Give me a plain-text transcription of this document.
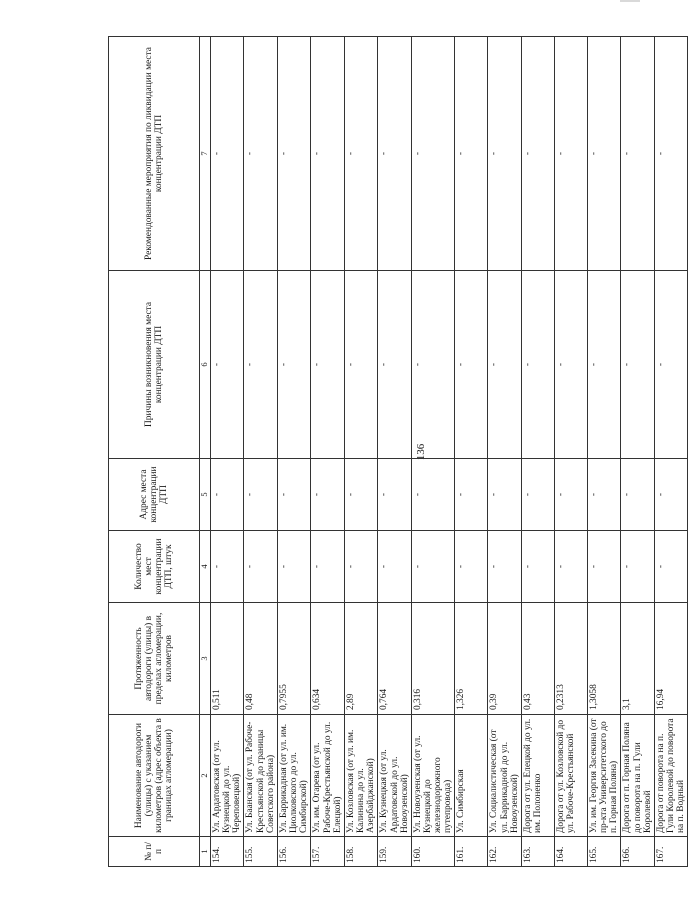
136
№ п/п	Наименование автодороги (улицы) с указанием километров (адрес объекта в границах агломерации)	Протяженность автодороги (улицы) в пределах агломерации, километров	Количество мест концентрации ДТП, штук	Адрес места концентрации ДТП	Причины возникновения места концентрации ДТП	Рекомендованные мероприятия по ликвидации места концентрации ДТП
1	2	3	4	5	6	7
154.	Ул. Ардатовская (от ул. Кузнецкой до ул. Череповецкой)	0,511	-	-	-	-
155.	Ул. Баанская (от ул. Рабоче-Крестьянской до границы Советского района)	0,48	-	-	-	-
156.	Ул. Баррикадная (от ул. им. Циолковского до ул. Симбирской)	0,7955	-	-	-	-
157.	Ул. им. Огарева (от ул. Рабоче-Крестьянской до ул. Елецкой)	0,634	-	-	-	-
158.	Ул. Козловская (от ул. им. Калинина до ул. Азербайджанской)	2,89	-	-	-	-
159.	Ул. Кузнецкая (от ул. Ардатовской до ул. Новоузенской)	0,764	-	-	-	-
160.	Ул. Новоузенская (от ул. Кузнецкой до железнодорожного путепровода)	0,316	-	-	-	-
161.	Ул. Симбирская	1,326	-	-	-	-
162.	Ул. Социалистическая (от ул. Баррикадной до ул. Новоузенской)	0,39	-	-	-	-
163.	Дорога от ул. Елецкой до ул. им. Полоненко	0,43	-	-	-	-
164.	Дорога от ул. Козловской до ул. Рабоче-Крестьянской	0,2313	-	-	-	-
165.	Ул. им. Георгия Засекина (от пр-кта Университетского до п. Горная Поляна)	1,3058	-	-	-	-
166.	Дорога от п. Горная Поляна до поворота на п. Гули Королевой	3,1	-	-	-	-
167.	Дорога от поворота на п. Гули Королевой до поворота на п. Водный	16,94	-	-	-	-
